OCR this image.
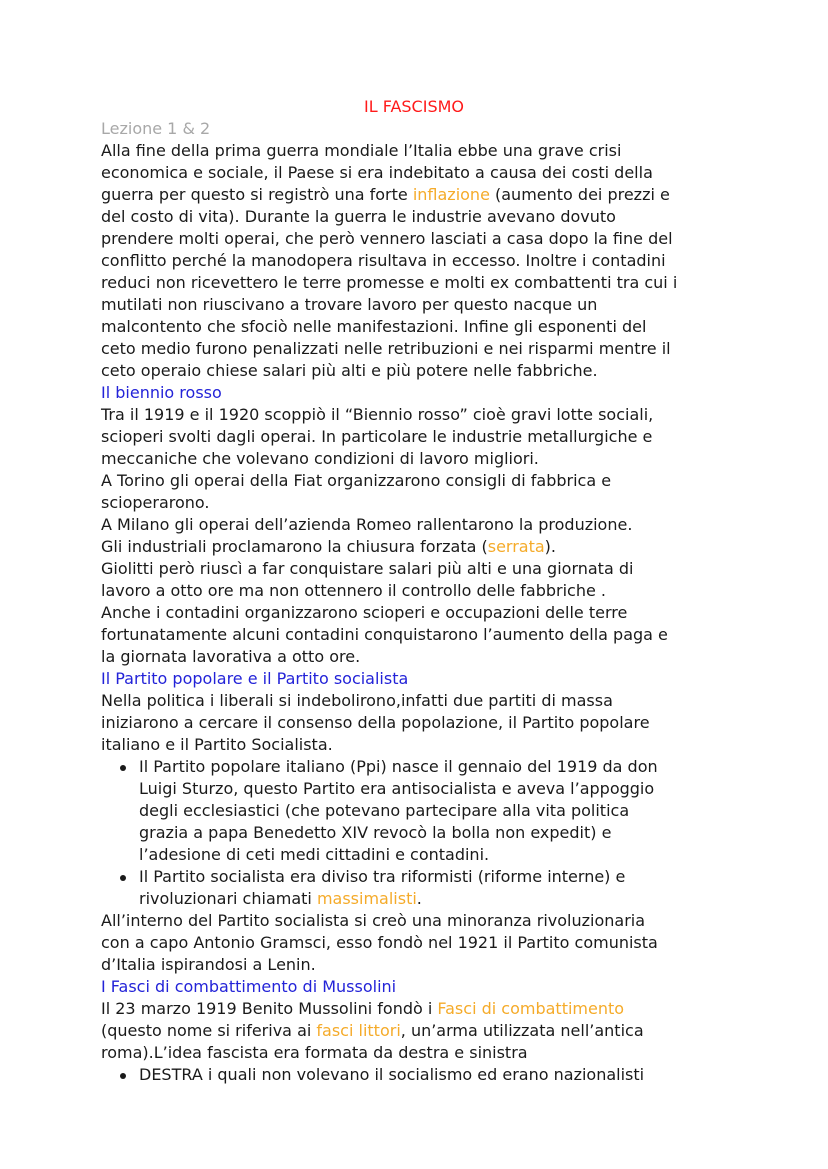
IL FASCISMO
Lezione 1 & 2
Alla fine della prima guerra mondiale l’Italia ebbe una grave crisi
economica e sociale, il Paese si era indebitato a causa dei costi della
guerra per questo si registrò una forte inflazione (aumento dei prezzi e
del costo di vita). Durante la guerra le industrie avevano dovuto
prendere molti operai, che però vennero lasciati a casa dopo la fine del
conflitto perché la manodopera risultava in eccesso. Inoltre i contadini
reduci non ricevettero le terre promesse e molti ex combattenti tra cui i
mutilati non riuscivano a trovare lavoro per questo nacque un
malcontento che sfociò nelle manifestazioni. Infine gli esponenti del
ceto medio furono penalizzati nelle retribuzioni e nei risparmi mentre il
ceto operaio chiese salari più alti e più potere nelle fabbriche.
Il biennio rosso
Tra il 1919 e il 1920 scoppiò il “Biennio rosso” cioè gravi lotte sociali,
scioperi svolti dagli operai. In particolare le industrie metallurgiche e
meccaniche che volevano condizioni di lavoro migliori.
A Torino gli operai della Fiat organizzarono consigli di fabbrica e
scioperarono.
A Milano gli operai dell’azienda Romeo rallentarono la produzione.
Gli industriali proclamarono la chiusura forzata (serrata).
Giolitti però riuscì a far conquistare salari più alti e una giornata di
lavoro a otto ore ma non ottennero il controllo delle fabbriche .
Anche i contadini organizzarono scioperi e occupazioni delle terre
fortunatamente alcuni contadini conquistarono l’aumento della paga e
la giornata lavorativa a otto ore.
Il Partito popolare e il Partito socialista
Nella politica i liberali si indebolirono,infatti due partiti di massa
iniziarono a cercare il consenso della popolazione, il Partito popolare
italiano e il Partito Socialista.
Il Partito popolare italiano (Ppi) nasce il gennaio del 1919 da don
Luigi Sturzo, questo Partito era antisocialista e aveva l’appoggio
degli ecclesiastici (che potevano partecipare alla vita politica
grazia a papa Benedetto XIV revocò la bolla non expedit) e
l’adesione di ceti medi cittadini e contadini.
Il Partito socialista era diviso tra riformisti (riforme interne) e
rivoluzionari chiamati massimalisti.
All’interno del Partito socialista si creò una minoranza rivoluzionaria
con a capo Antonio Gramsci, esso fondò nel 1921 il Partito comunista
d’Italia ispirandosi a Lenin.
I Fasci di combattimento di Mussolini
Il 23 marzo 1919 Benito Mussolini fondò i Fasci di combattimento
(questo nome si riferiva ai fasci littori, un’arma utilizzata nell’antica
roma).L’idea fascista era formata da destra e sinistra
DESTRA i quali non volevano il socialismo ed erano nazionalisti
